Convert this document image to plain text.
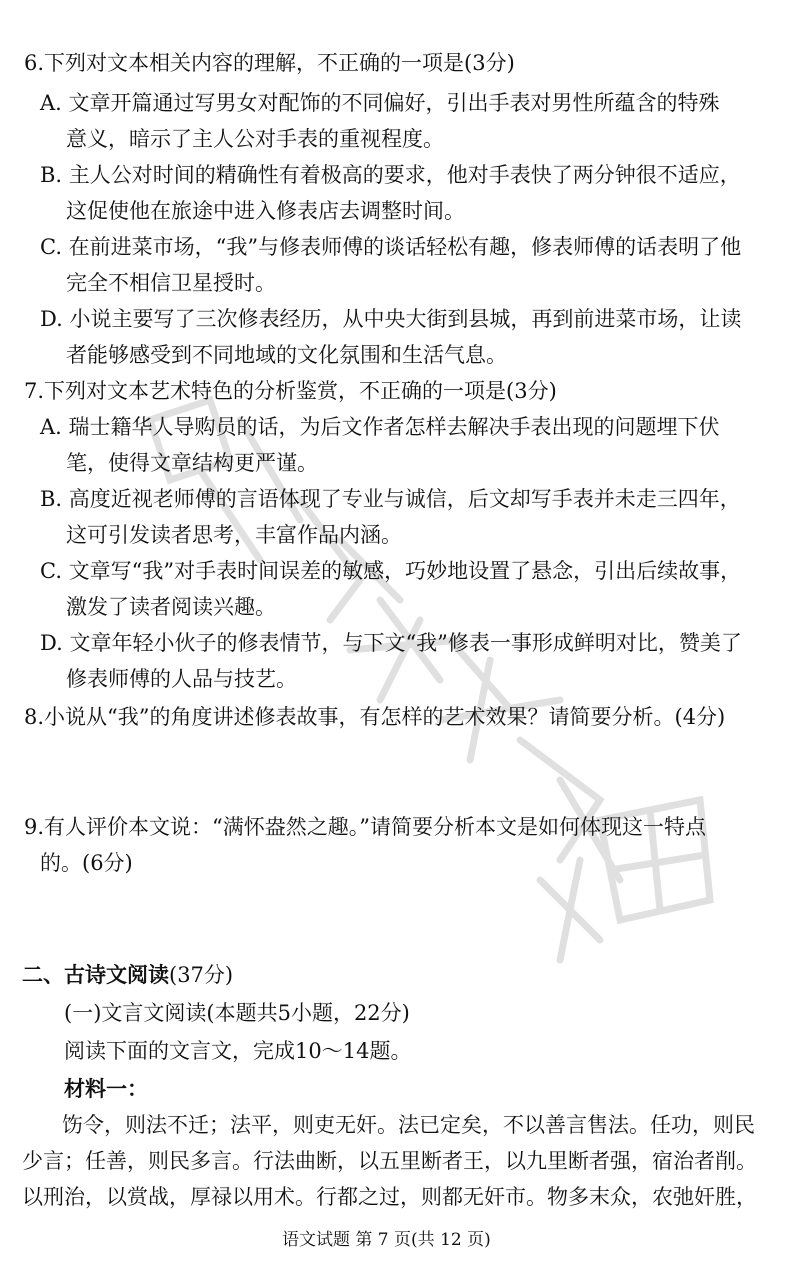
6.下列对文本相关内容的理解，不正确的一项是(3分)
A. 文章开篇通过写男女对配饰的不同偏好，引出手表对男性所蕴含的特殊
意义，暗示了主人公对手表的重视程度。
B. 主人公对时间的精确性有着极高的要求，他对手表快了两分钟很不适应，
这促使他在旅途中进入修表店去调整时间。
C. 在前进菜市场，“我”与修表师傅的谈话轻松有趣，修表师傅的话表明了他
完全不相信卫星授时。
D. 小说主要写了三次修表经历，从中央大街到县城，再到前进菜市场，让读
者能够感受到不同地域的文化氛围和生活气息。
7.下列对文本艺术特色的分析鉴赏，不正确的一项是(3分)
A. 瑞士籍华人导购员的话，为后文作者怎样去解决手表出现的问题埋下伏
笔，使得文章结构更严谨。
B. 高度近视老师傅的言语体现了专业与诚信，后文却写手表并未走三四年，
这可引发读者思考，丰富作品内涵。
C. 文章写“我”对手表时间误差的敏感，巧妙地设置了悬念，引出后续故事，
激发了读者阅读兴趣。
D. 文章年轻小伙子的修表情节，与下文“我”修表一事形成鲜明对比，赞美了
修表师傅的人品与技艺。
8.小说从“我”的角度讲述修表故事，有怎样的艺术效果？请简要分析。(4分)
9.有人评价本文说：“满怀盎然之趣。”请简要分析本文是如何体现这一特点
的。(6分)
二、古诗文阅读(37分)
(一)文言文阅读(本题共5小题，22分)
阅读下面的文言文，完成10～14题。
材料一：
饬令，则法不迁；法平，则吏无奸。法已定矣，不以善言售法。任功，则民
少言；任善，则民多言。行法曲断，以五里断者王，以九里断者强，宿治者削。
以刑治，以赏战，厚禄以用术。行都之过，则都无奸市。物多末众，农弛奸胜，
语文试题 第 7 页(共 12 页)
